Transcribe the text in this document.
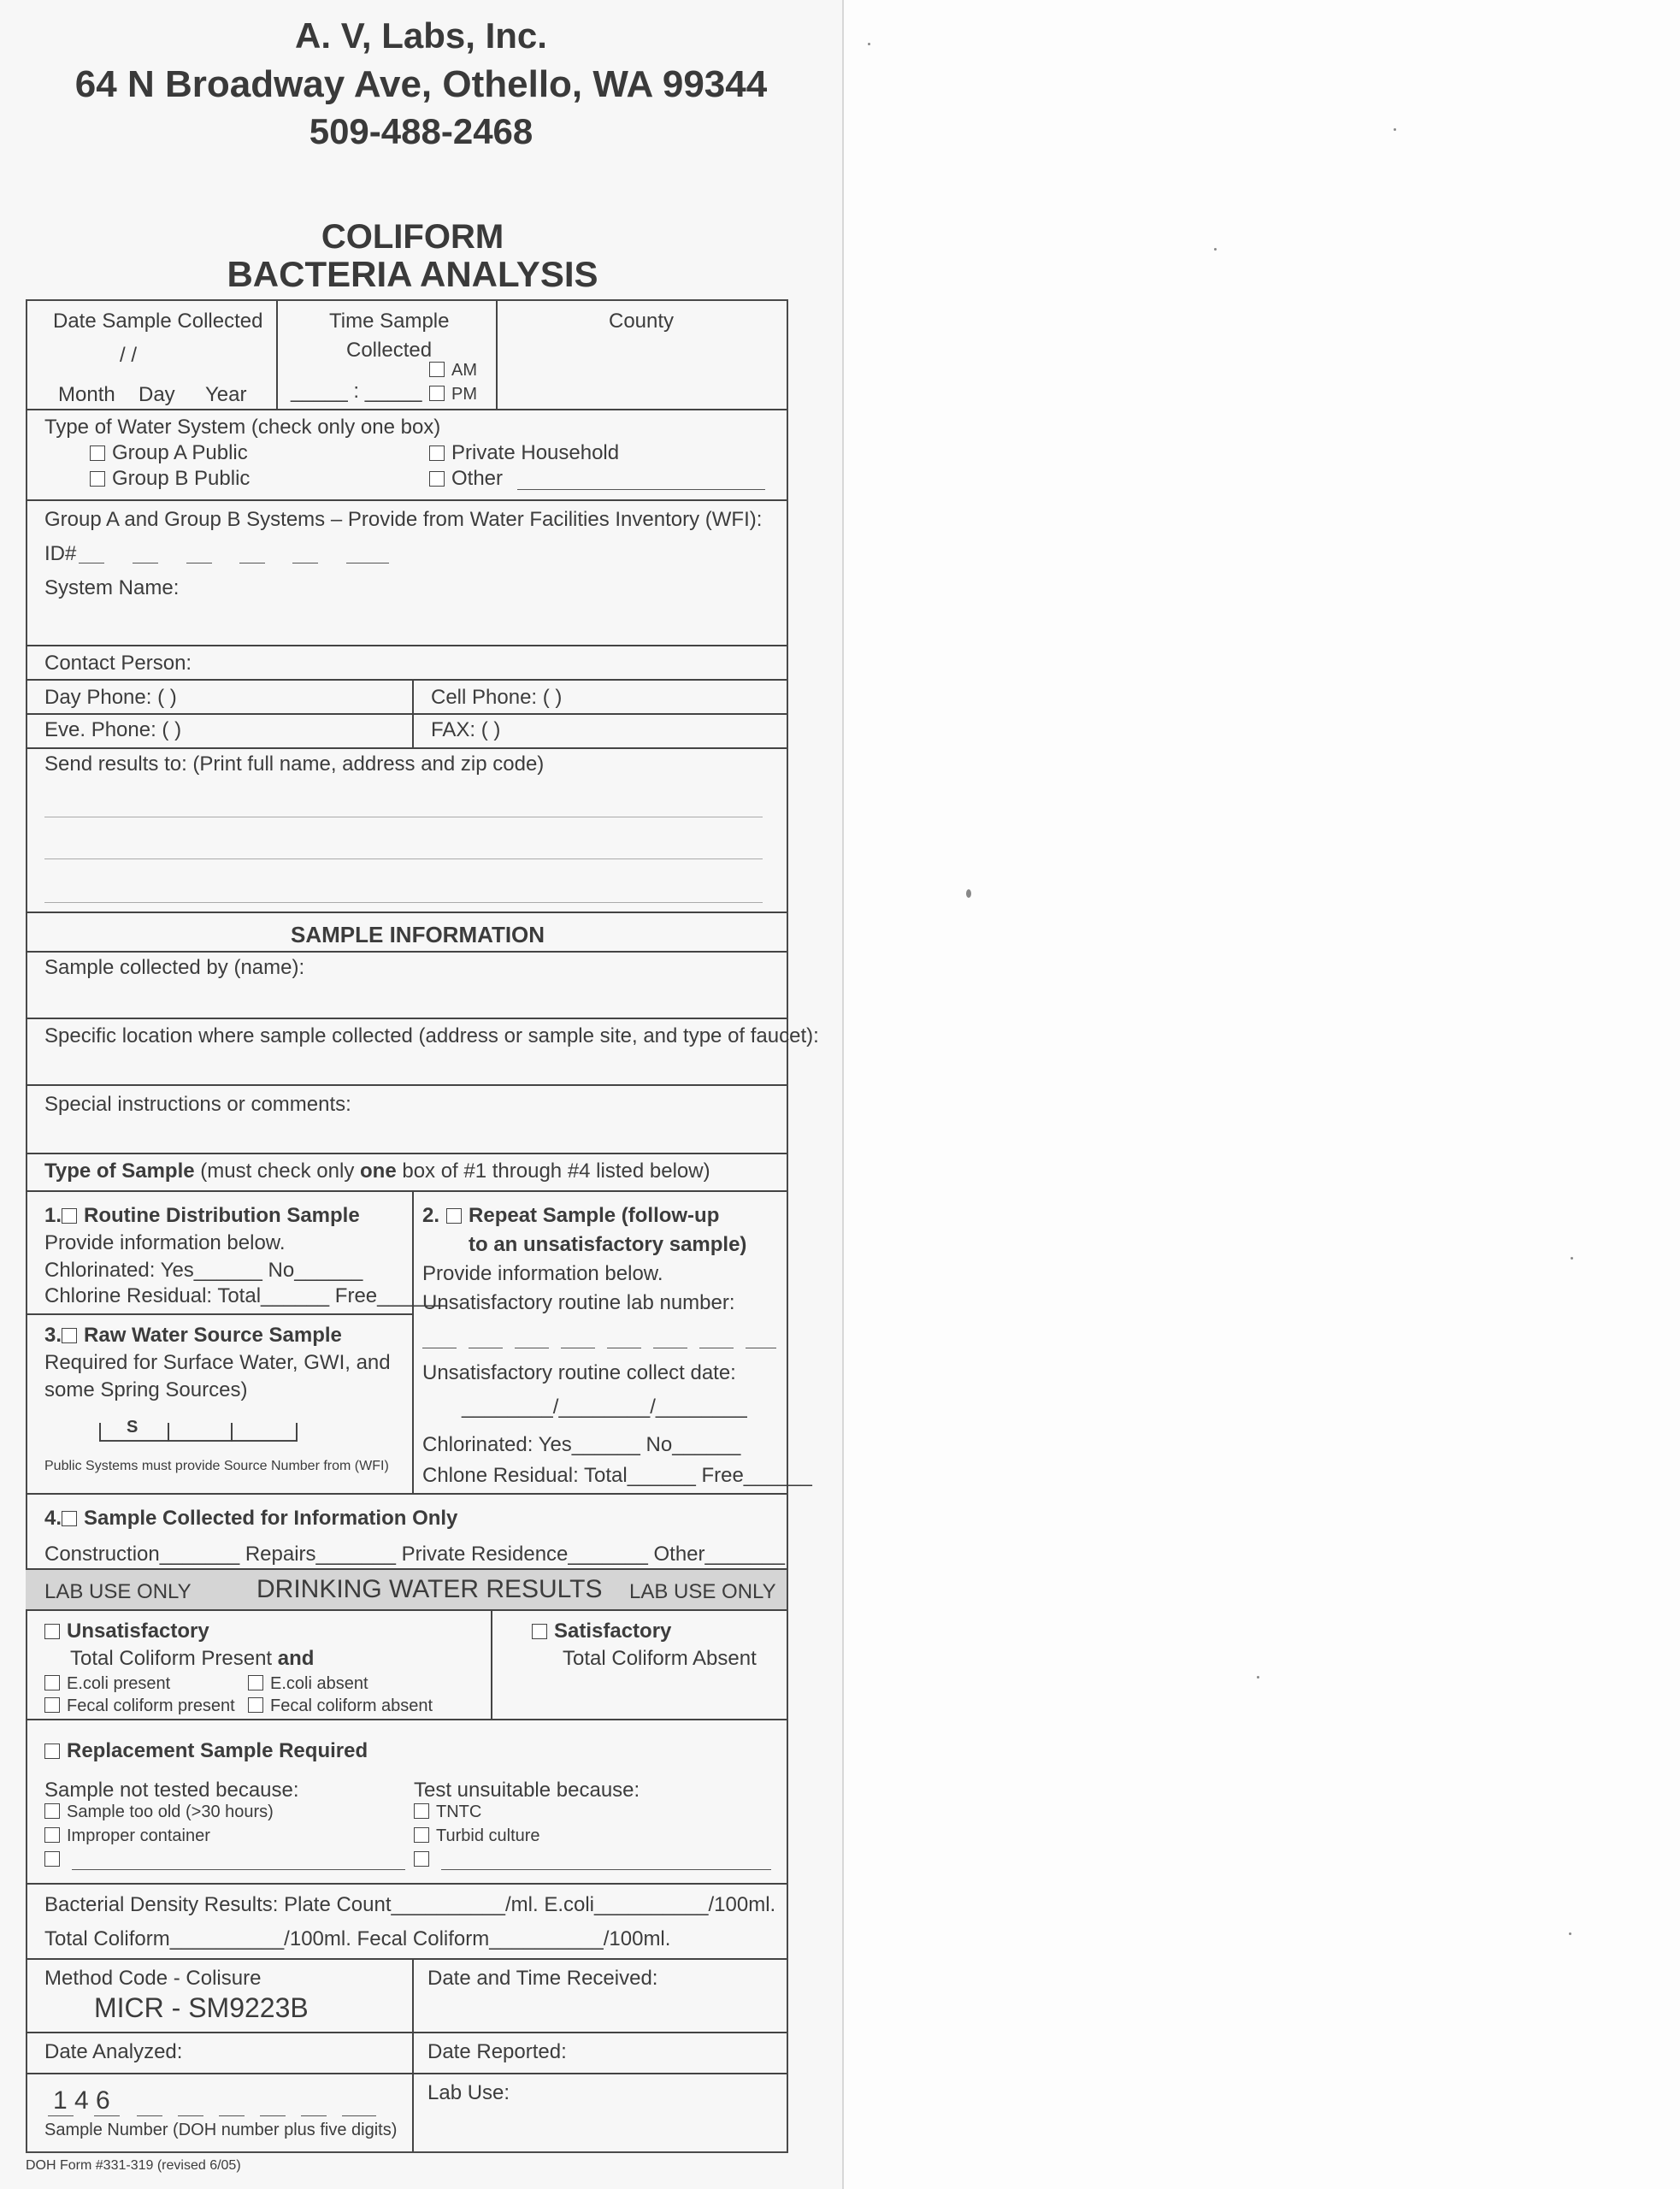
A. V, Labs, Inc.
64 N Broadway Ave, Othello, WA 99344
509-488-2468
COLIFORM
BACTERIA ANALYSIS
Date Sample Collected
/ /
Month Day Year
Time Sample
Collected
_____ : _____
AM
PM
County
Type of Water System (check only one box)
Group A Public
Group B Public
Private Household
Other
Group A and Group B Systems – Provide from Water Facilities Inventory (WFI):
ID#
System Name:
Contact Person:
Day Phone: ( )	Cell Phone: ( )
Eve. Phone: ( )	FAX: ( )
Send results to: (Print full name, address and zip code)
SAMPLE INFORMATION
Sample collected by (name):
Specific location where sample collected (address or sample site, and type of faucet):
Special instructions or comments:
Type of Sample (must check only one box of #1 through #4 listed below)
1. Routine Distribution Sample
Provide information below.
Chlorinated: Yes______ No______
Chlorine Residual: Total______ Free______
2. Repeat Sample (follow-up
to an unsatisfactory sample)
Provide information below.
Unsatisfactory routine lab number:
Unsatisfactory routine collect date:
________/________/________
Chlorinated: Yes______ No______
Chlone Residual: Total______ Free______
3. Raw Water Source Sample
Required for Surface Water, GWI, and
some Spring Sources)
S
Public Systems must provide Source Number from (WFI)
4. Sample Collected for Information Only
Construction_______ Repairs_______ Private Residence_______ Other_______
LAB USE ONLY	DRINKING WATER RESULTS LAB USE ONLY
Unsatisfactory
Total Coliform Present and
E.coli present	E.coli absent
Fecal coliform present	Fecal coliform absent
Satisfactory
Total Coliform Absent
Replacement Sample Required
Sample not tested because:
Sample too old (>30 hours)
Improper container
Test unsuitable because:
TNTC
Turbid culture
Bacterial Density Results: Plate Count__________/ml. E.coli__________/100ml.
Total Coliform__________/100ml. Fecal Coliform__________/100ml.
Method Code - Colisure
MICR - SM9223B
Date and Time Received:
Date Analyzed:	Date Reported:
1 4 6
Sample Number (DOH number plus five digits)
Lab Use:
DOH Form #331-319 (revised 6/05)
